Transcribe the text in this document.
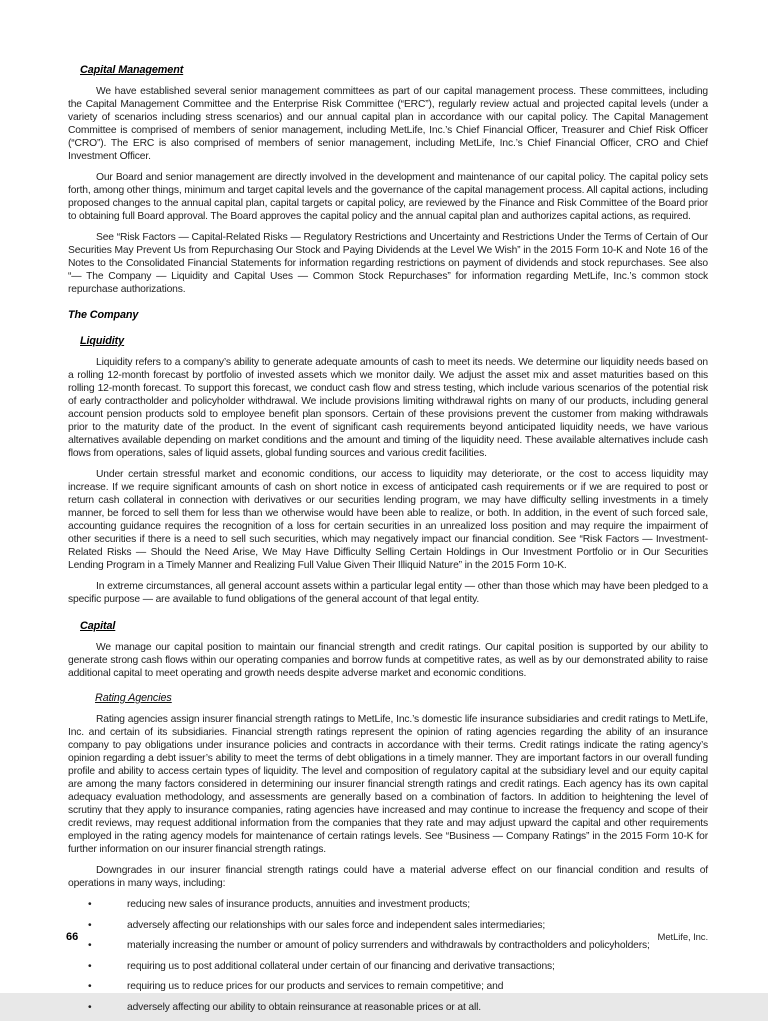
Capital Management

We have established several senior management committees as part of our capital management process. These committees, including the Capital Management Committee and the Enterprise Risk Committee (“ERC”), regularly review actual and projected capital levels (under a variety of scenarios including stress scenarios) and our annual capital plan in accordance with our capital policy. The Capital Management Committee is comprised of members of senior management, including MetLife, Inc.’s Chief Financial Officer, Treasurer and Chief Risk Officer (“CRO”). The ERC is also comprised of members of senior management, including MetLife, Inc.’s Chief Financial Officer, CRO and Chief Investment Officer.

Our Board and senior management are directly involved in the development and maintenance of our capital policy. The capital policy sets forth, among other things, minimum and target capital levels and the governance of the capital management process. All capital actions, including proposed changes to the annual capital plan, capital targets or capital policy, are reviewed by the Finance and Risk Committee of the Board prior to obtaining full Board approval. The Board approves the capital policy and the annual capital plan and authorizes capital actions, as required.

See “Risk Factors — Capital-Related Risks — Regulatory Restrictions and Uncertainty and Restrictions Under the Terms of Certain of Our Securities May Prevent Us from Repurchasing Our Stock and Paying Dividends at the Level We Wish” in the 2015 Form 10-K and Note 16 of the Notes to the Consolidated Financial Statements for information regarding restrictions on payment of dividends and stock repurchases. See also “— The Company — Liquidity and Capital Uses — Common Stock Repurchases” for information regarding MetLife, Inc.’s common stock repurchase authorizations.

The Company
Liquidity

Liquidity refers to a company’s ability to generate adequate amounts of cash to meet its needs. We determine our liquidity needs based on a rolling 12-month forecast by portfolio of invested assets which we monitor daily. We adjust the asset mix and asset maturities based on this rolling 12-month forecast. To support this forecast, we conduct cash flow and stress testing, which include various scenarios of the potential risk of early contractholder and policyholder withdrawal. We include provisions limiting withdrawal rights on many of our products, including general account pension products sold to employee benefit plan sponsors. Certain of these provisions prevent the customer from making withdrawals prior to the maturity date of the product. In the event of significant cash requirements beyond anticipated liquidity needs, we have various alternatives available depending on market conditions and the amount and timing of the liquidity need. These available alternatives include cash flows from operations, sales of liquid assets, global funding sources and various credit facilities.

Under certain stressful market and economic conditions, our access to liquidity may deteriorate, or the cost to access liquidity may increase. If we require significant amounts of cash on short notice in excess of anticipated cash requirements or if we are required to post or return cash collateral in connection with derivatives or our securities lending program, we may have difficulty selling investments in a timely manner, be forced to sell them for less than we otherwise would have been able to realize, or both. In addition, in the event of such forced sale, accounting guidance requires the recognition of a loss for certain securities in an unrealized loss position and may require the impairment of other securities if there is a need to sell such securities, which may negatively impact our financial condition. See “Risk Factors — Investment-Related Risks — Should the Need Arise, We May Have Difficulty Selling Certain Holdings in Our Investment Portfolio or in Our Securities Lending Program in a Timely Manner and Realizing Full Value Given Their Illiquid Nature” in the 2015 Form 10-K.

In extreme circumstances, all general account assets within a particular legal entity — other than those which may have been pledged to a specific purpose — are available to fund obligations of the general account of that legal entity.

Capital

We manage our capital position to maintain our financial strength and credit ratings. Our capital position is supported by our ability to generate strong cash flows within our operating companies and borrow funds at competitive rates, as well as by our demonstrated ability to raise additional capital to meet operating and growth needs despite adverse market and economic conditions.

Rating Agencies

Rating agencies assign insurer financial strength ratings to MetLife, Inc.’s domestic life insurance subsidiaries and credit ratings to MetLife, Inc. and certain of its subsidiaries. Financial strength ratings represent the opinion of rating agencies regarding the ability of an insurance company to pay obligations under insurance policies and contracts in accordance with their terms. Credit ratings indicate the rating agency’s opinion regarding a debt issuer’s ability to meet the terms of debt obligations in a timely manner. They are important factors in our overall funding profile and ability to access certain types of liquidity. The level and composition of regulatory capital at the subsidiary level and our equity capital are among the many factors considered in determining our insurer financial strength ratings and credit ratings. Each agency has its own capital adequacy evaluation methodology, and assessments are generally based on a combination of factors. In addition to heightening the level of scrutiny that they apply to insurance companies, rating agencies have increased and may continue to increase the frequency and scope of their credit reviews, may request additional information from the companies that they rate and may adjust upward the capital and other requirements employed in the rating agency models for maintenance of certain ratings levels. See “Business — Company Ratings” in the 2015 Form 10-K for further information on our insurer financial strength ratings.

Downgrades in our insurer financial strength ratings could have a material adverse effect on our financial condition and results of operations in many ways, including:

•	reducing new sales of insurance products, annuities and investment products;
•	adversely affecting our relationships with our sales force and independent sales intermediaries;
•	materially increasing the number or amount of policy surrenders and withdrawals by contractholders and policyholders;
•	requiring us to post additional collateral under certain of our financing and derivative transactions;
•	requiring us to reduce prices for our products and services to remain competitive; and
•	adversely affecting our ability to obtain reinsurance at reasonable prices or at all.
66	MetLife, Inc.
